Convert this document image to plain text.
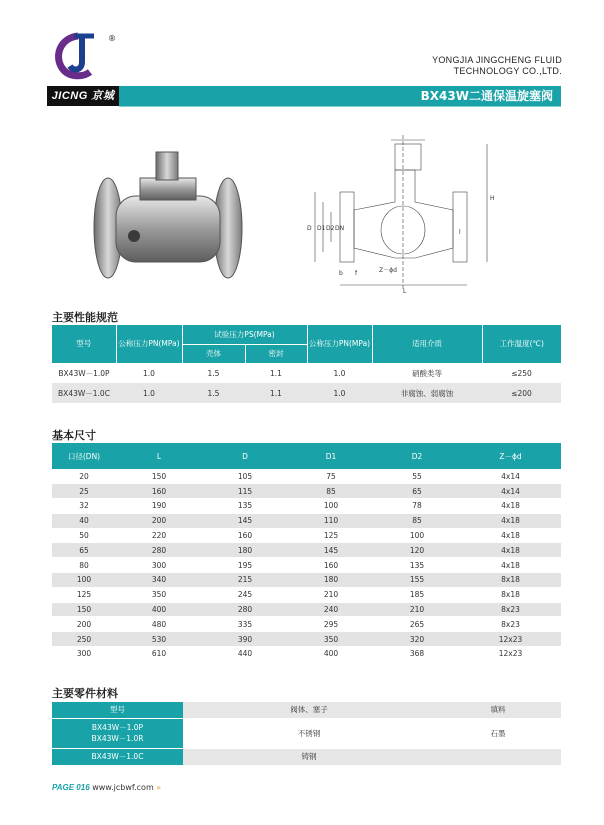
®
JICNG 京城
YONGJIA JINGCHENG FLUID
TECHNOLOGY CO.,LTD.
BX43W二通保温旋塞阀
D D1 D2 DN
H
L
l
Z－ϕd
b f
主要性能规范
型号	公称压力PN(MPa)	试验压力PS(MPa)		公称压力PN(MPa)	适用介质	工作温度(℃)
		壳体	密封			
BX43W－1.0P	1.0	1.5	1.1	1.0	硝酸类等	≤250
BX43W－1.0C	1.0	1.5	1.1	1.0	非腐蚀、弱腐蚀	≤200
基本尺寸
口径(DN)	L	D	D1	D2	Z－ϕd
20	150	105	75	55	4x14
25	160	115	85	65	4x14
32	190	135	100	78	4x18
40	200	145	110	85	4x18
50	220	160	125	100	4x18
65	280	180	145	120	4x18
80	300	195	160	135	4x18
100	340	215	180	155	8x18
125	350	245	210	185	8x18
150	400	280	240	210	8x23
200	480	335	295	265	8x23
250	530	390	350	320	12x23
300	610	440	400	368	12x23
主要零件材料
型号	阀体、塞子	填料

BX43W－1.0P
BX43W－1.0R	不锈钢	石墨
BX43W－1.0C	铸钢	
PAGE 016 www.jcbwf.com »
